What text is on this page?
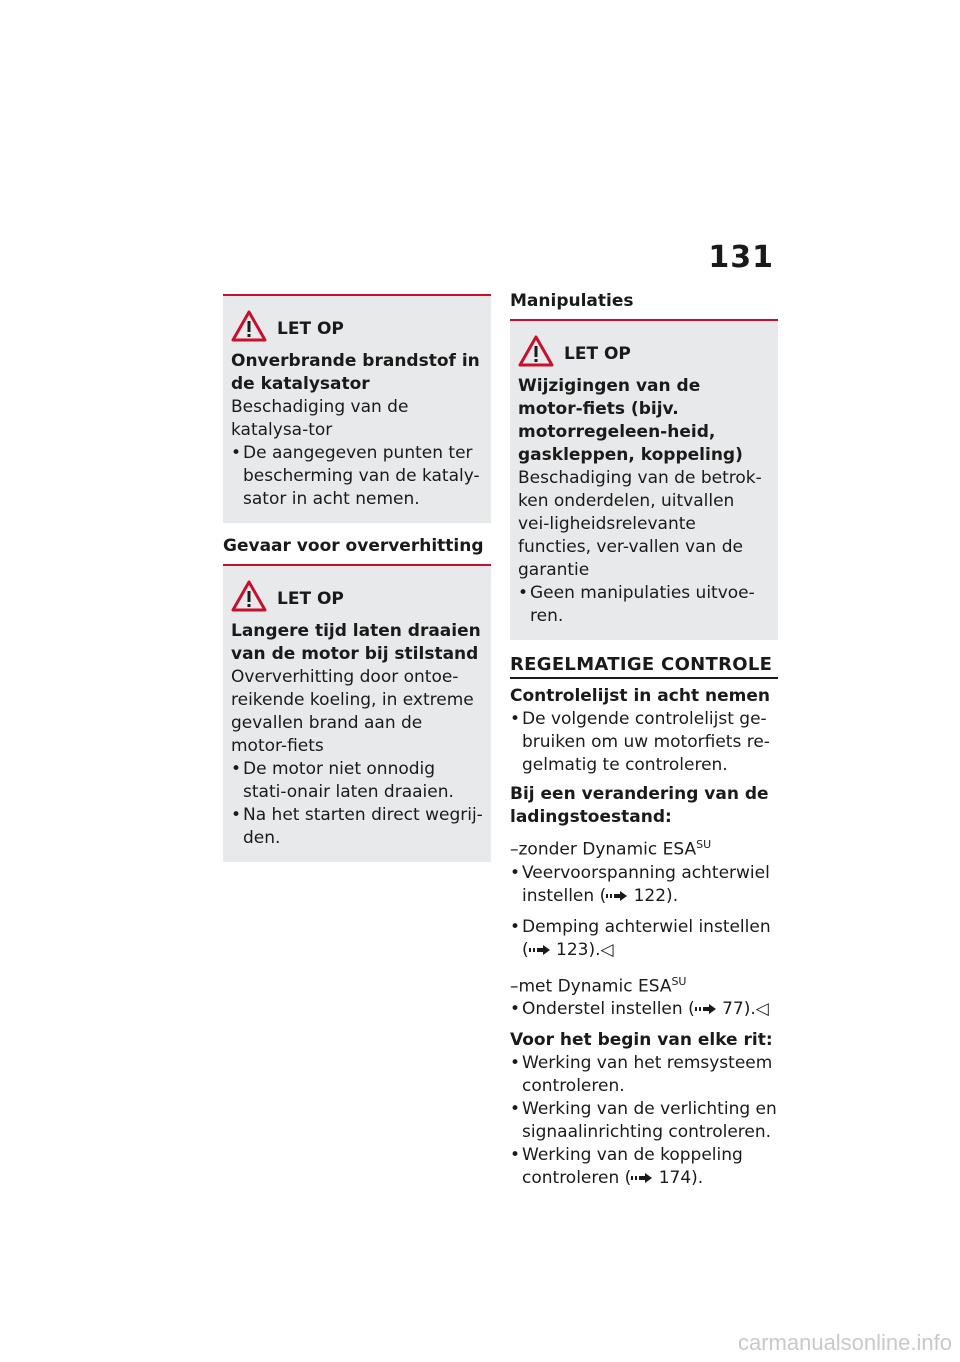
131
LET OP
Onverbrande brandstof in de katalysator
Beschadiging van de katalysa-tor
• De aangegeven punten ter bescherming van de kataly-sator in acht nemen.
Gevaar voor oververhitting
LET OP
Langere tijd laten draaien van de motor bij stilstand
Oververhitting door ontoe-reikende koeling, in extreme gevallen brand aan de motor-fiets
• De motor niet onnodig stati-onair laten draaien.
• Na het starten direct wegrij-den.
Manipulaties
LET OP
Wijzigingen van de motor-fiets (bijv. motorregeleen-heid, gaskleppen, koppeling)
Beschadiging van de betrok-ken onderdelen, uitvallen vei-ligheidsrelevante functies, ver-vallen van de garantie
• Geen manipulaties uitvoe-ren.
REGELMATIGE CONTROLE
Controlelijst in acht nemen
• De volgende controlelijst ge-bruiken om uw motorfiets re-gelmatig te controleren.
Bij een verandering van de ladingstoestand:
–zonder Dynamic $ESA^{SU}$
• Veervoorspanning achterwiel instellen ( 122).
• Demping achterwiel instellen ( 123).◁
–met Dynamic $ESA^{SU}$
• Onderstel instellen ( 77).◁
Voor het begin van elke rit:
• Werking van het remsysteem controleren.
• Werking van de verlichting en signaalinrichting controleren.
• Werking van de koppeling controleren ( 174).
carmanualsonline.info
